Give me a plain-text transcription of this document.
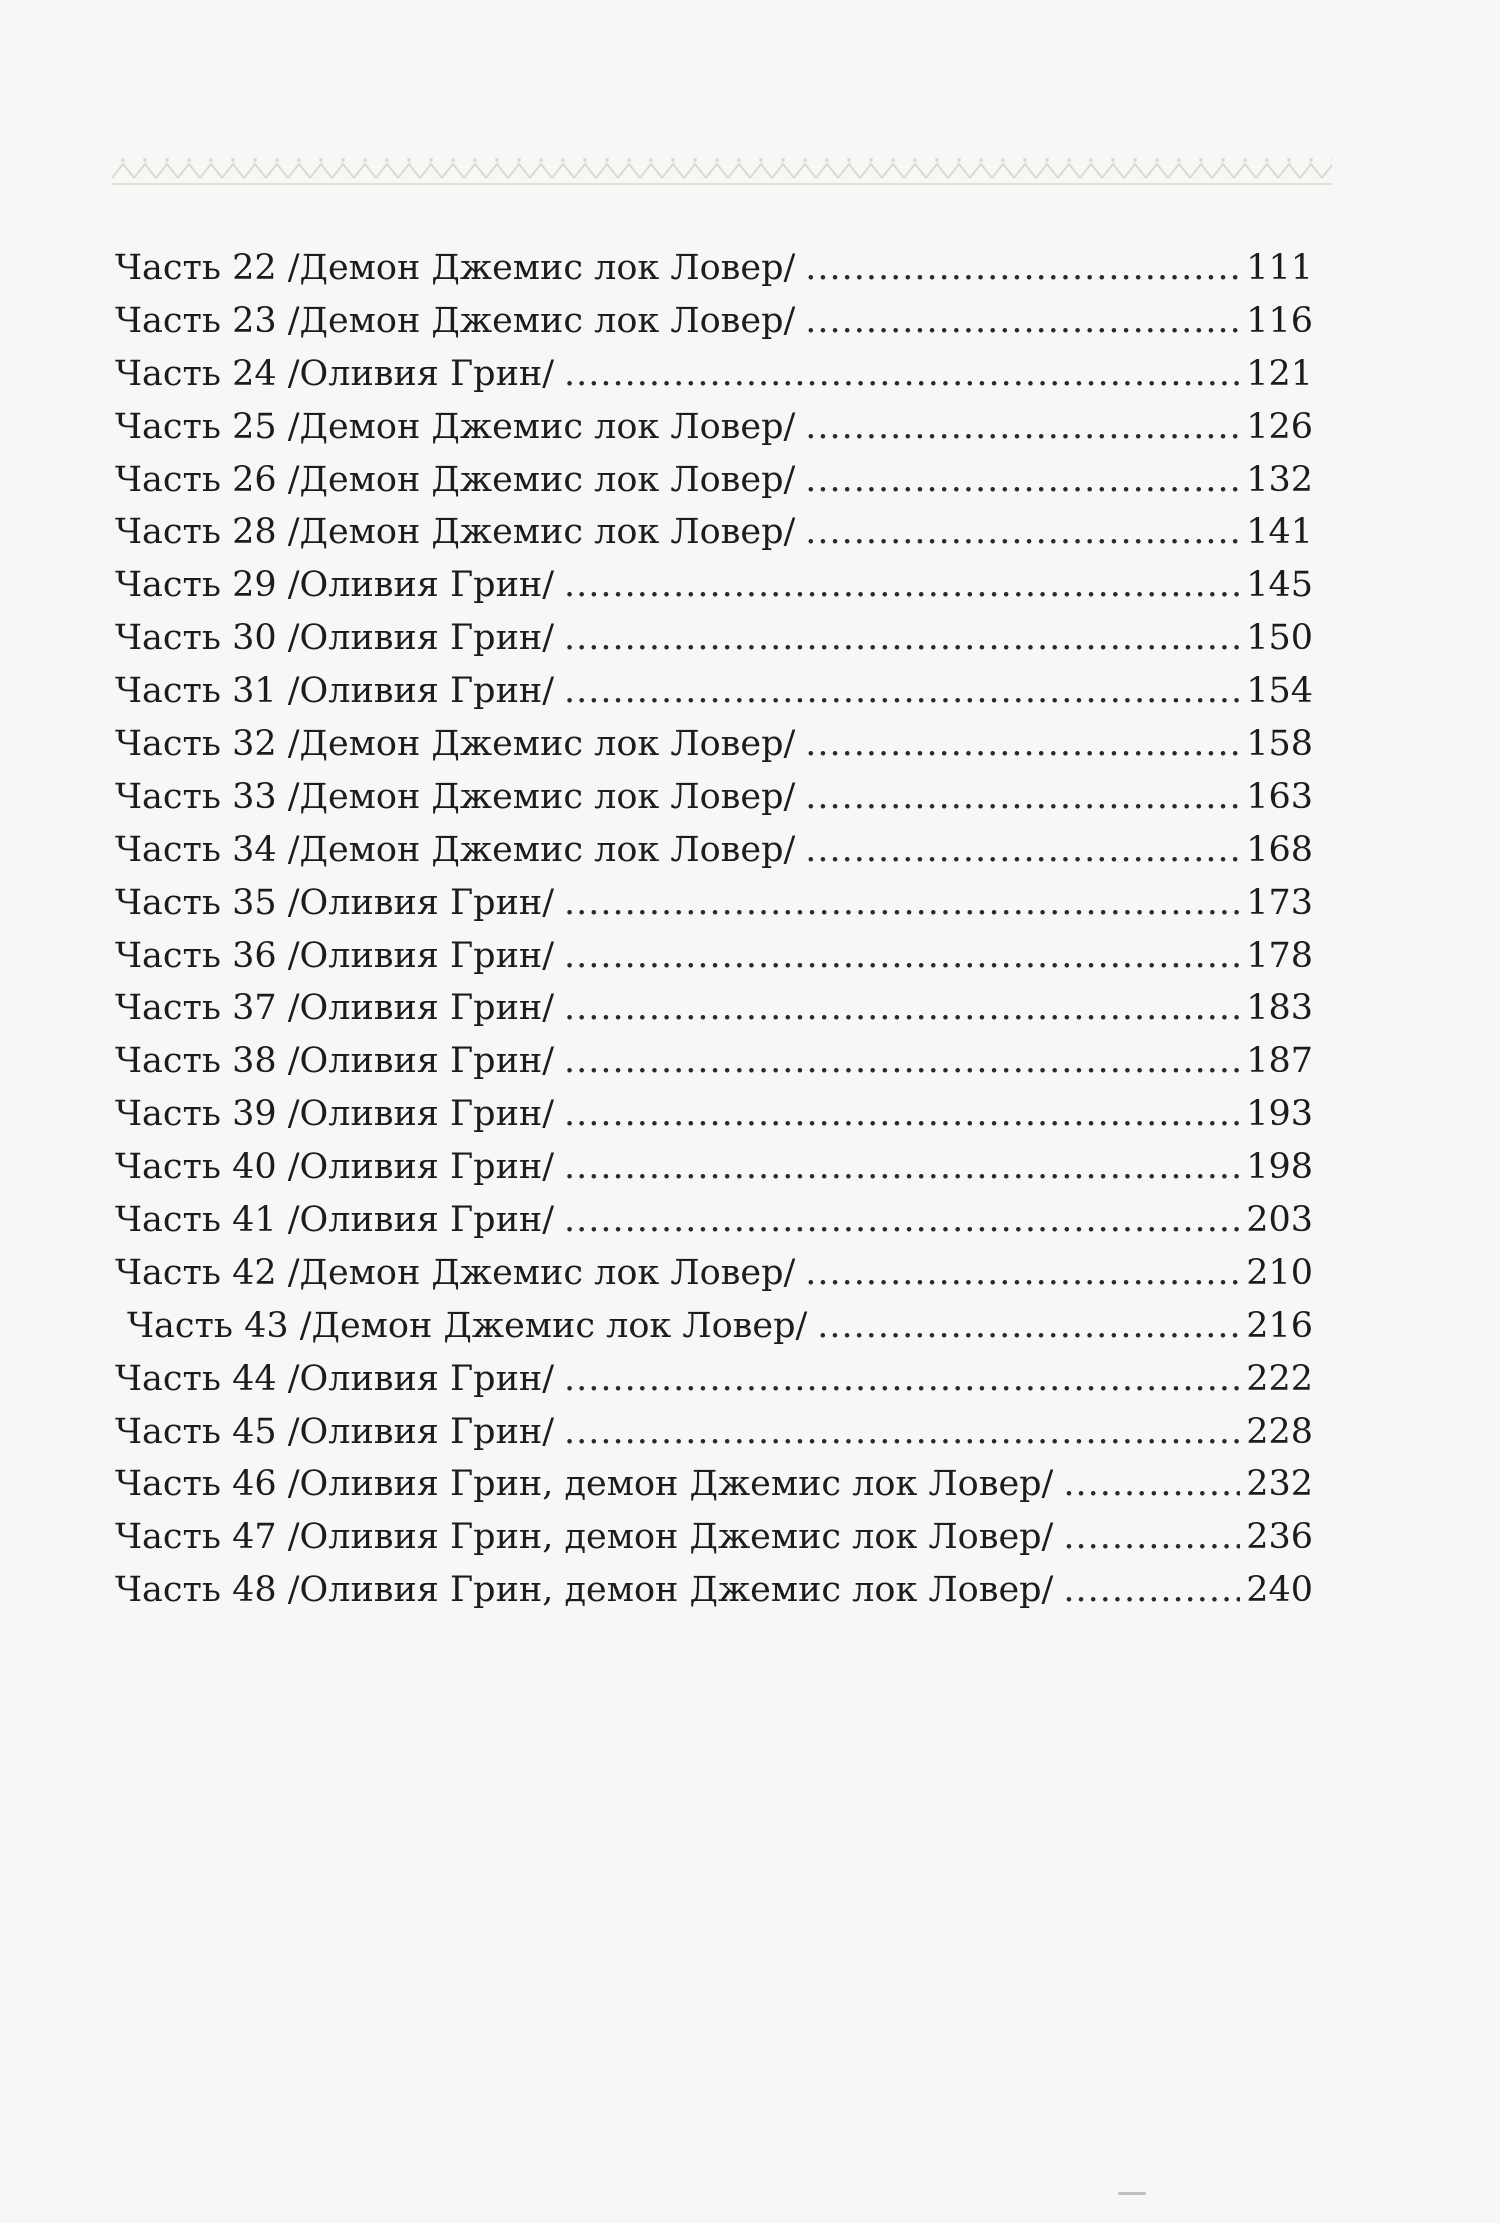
Часть 22 /Демон Джемис лок Ловер/ .....	111
Часть 23 /Демон Джемис лок Ловер/ .....	116
Часть 24 /Оливия Грин/ .....	121
Часть 25 /Демон Джемис лок Ловер/ .....	126
Часть 26 /Демон Джемис лок Ловер/ .....	132
Часть 28 /Демон Джемис лок Ловер/ .....	141
Часть 29 /Оливия Грин/ .....	145
Часть 30 /Оливия Грин/ .....	150
Часть 31 /Оливия Грин/ .....	154
Часть 32 /Демон Джемис лок Ловер/ .....	158
Часть 33 /Демон Джемис лок Ловер/ .....	163
Часть 34 /Демон Джемис лок Ловер/ .....	168
Часть 35 /Оливия Грин/ .....	173
Часть 36 /Оливия Грин/ .....	178
Часть 37 /Оливия Грин/ .....	183
Часть 38 /Оливия Грин/ .....	187
Часть 39 /Оливия Грин/ .....	193
Часть 40 /Оливия Грин/ .....	198
Часть 41 /Оливия Грин/ .....	203
Часть 42 /Демон Джемис лок Ловер/ .....	210
Часть 43 /Демон Джемис лок Ловер/ .....	216
Часть 44 /Оливия Грин/ .....	222
Часть 45 /Оливия Грин/ .....	228
Часть 46 /Оливия Грин, демон Джемис лок Ловер/ .....	232
Часть 47 /Оливия Грин, демон Джемис лок Ловер/ .....	236
Часть 48 /Оливия Грин, демон Джемис лок Ловер/ .....	240
